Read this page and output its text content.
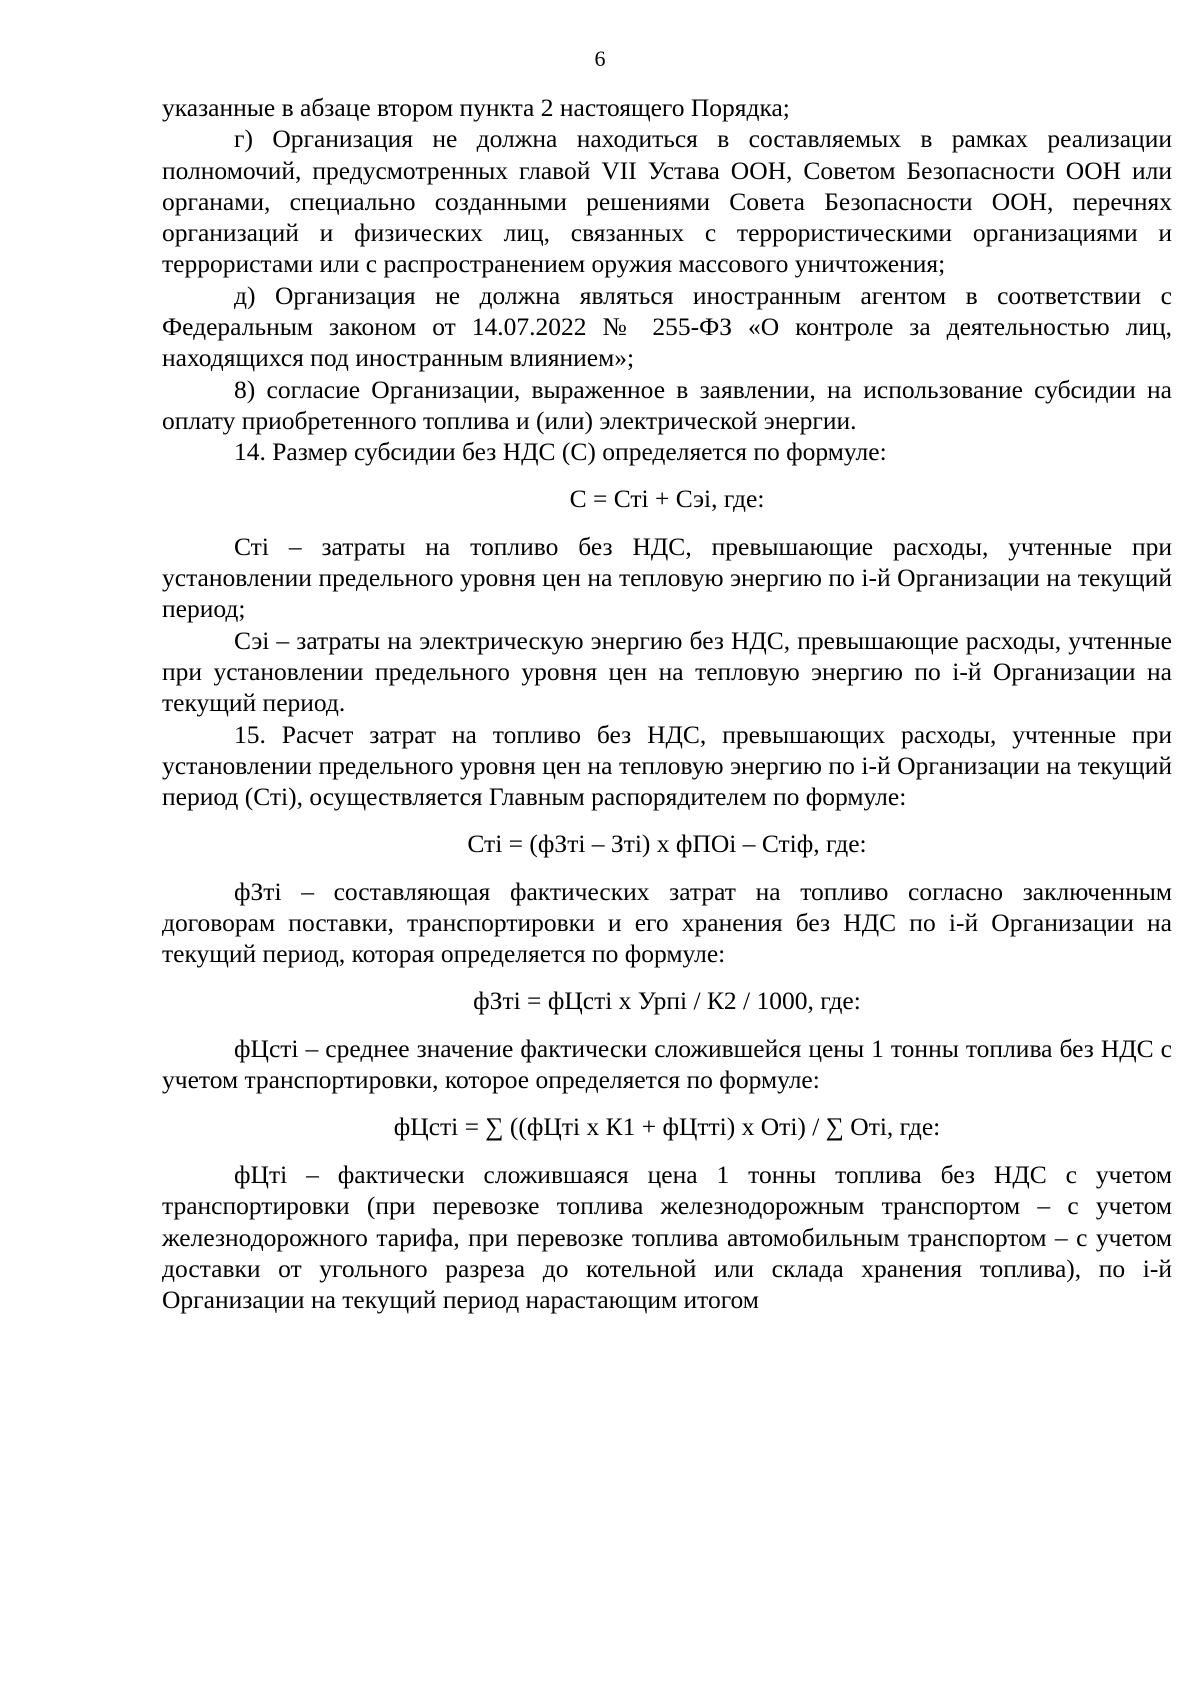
6

указанные в абзаце втором пункта 2 настоящего Порядка;

г) Организация не должна находиться в составляемых в рамках реализации полномочий, предусмотренных главой VII Устава ООН, Советом Безопасности ООН или органами, специально созданными решениями Совета Безопасности ООН, перечнях организаций и физических лиц, связанных с террористическими организациями и террористами или с распространением оружия массового уничтожения;

д) Организация не должна являться иностранным агентом в соответствии с Федеральным законом от 14.07.2022 № 255-ФЗ «О контроле за деятельностью лиц, находящихся под иностранным влиянием»;

8) согласие Организации, выраженное в заявлении, на использование субсидии на оплату приобретенного топлива и (или) электрической энергии.

14. Размер субсидии без НДС (С) определяется по формуле:

С = Стi + Сэi, где:

Стi – затраты на топливо без НДС, превышающие расходы, учтенные при установлении предельного уровня цен на тепловую энергию по i-й Организации на текущий период;

Сэi – затраты на электрическую энергию без НДС, превышающие расходы, учтенные при установлении предельного уровня цен на тепловую энергию по i-й Организации на текущий период.

15. Расчет затрат на топливо без НДС, превышающих расходы, учтенные при установлении предельного уровня цен на тепловую энергию по i-й Организации на текущий период (Стi), осуществляется Главным распорядителем по формуле:

Стi = (фЗтi – Зтi) х фПОi – Стiф, где:

фЗтi – составляющая фактических затрат на топливо согласно заключенным договорам поставки, транспортировки и его хранения без НДС по i-й Организации на текущий период, которая определяется по формуле:

фЗтi = фЦстi х Урпi / К2 / 1000, где:

фЦстi – среднее значение фактически сложившейся цены 1 тонны топлива без НДС с учетом транспортировки, которое определяется по формуле:

фЦстi = ∑ ((фЦтi х К1 + фЦттi) х Отi) / ∑ Отi, где:

фЦтi – фактически сложившаяся цена 1 тонны топлива без НДС с учетом транспортировки (при перевозке топлива железнодорожным транспортом – с учетом железнодорожного тарифа, при перевозке топлива автомобильным транспортом – с учетом доставки от угольного разреза до котельной или склада хранения топлива), по i-й Организации на текущий период нарастающим итогом
